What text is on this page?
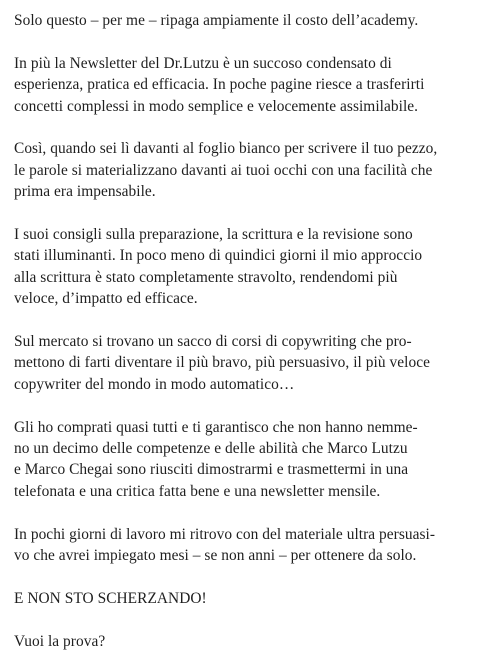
Solo questo – per me – ripaga ampiamente il costo dell’academy.

In più la Newsletter del Dr.Lutzu è un succoso condensato di
esperienza, pratica ed efficacia. In poche pagine riesce a trasferirti
concetti complessi in modo semplice e velocemente assimilabile.

Così, quando sei lì davanti al foglio bianco per scrivere il tuo pezzo,
le parole si materializzano davanti ai tuoi occhi con una facilità che
prima era impensabile.

I suoi consigli sulla preparazione, la scrittura e la revisione sono
stati illuminanti. In poco meno di quindici giorni il mio approccio
alla scrittura è stato completamente stravolto, rendendomi più
veloce, d’impatto ed efficace.

Sul mercato si trovano un sacco di corsi di copywriting che pro-
mettono di farti diventare il più bravo, più persuasivo, il più veloce
copywriter del mondo in modo automatico…

Gli ho comprati quasi tutti e ti garantisco che non hanno nemme-
no un decimo delle competenze e delle abilità che Marco Lutzu
e Marco Chegai sono riusciti dimostrarmi e trasmettermi in una
telefonata e una critica fatta bene e una newsletter mensile.

In pochi giorni di lavoro mi ritrovo con del materiale ultra persuasi-
vo che avrei impiegato mesi – se non anni – per ottenere da solo.

E NON STO SCHERZANDO!

Vuoi la prova?
